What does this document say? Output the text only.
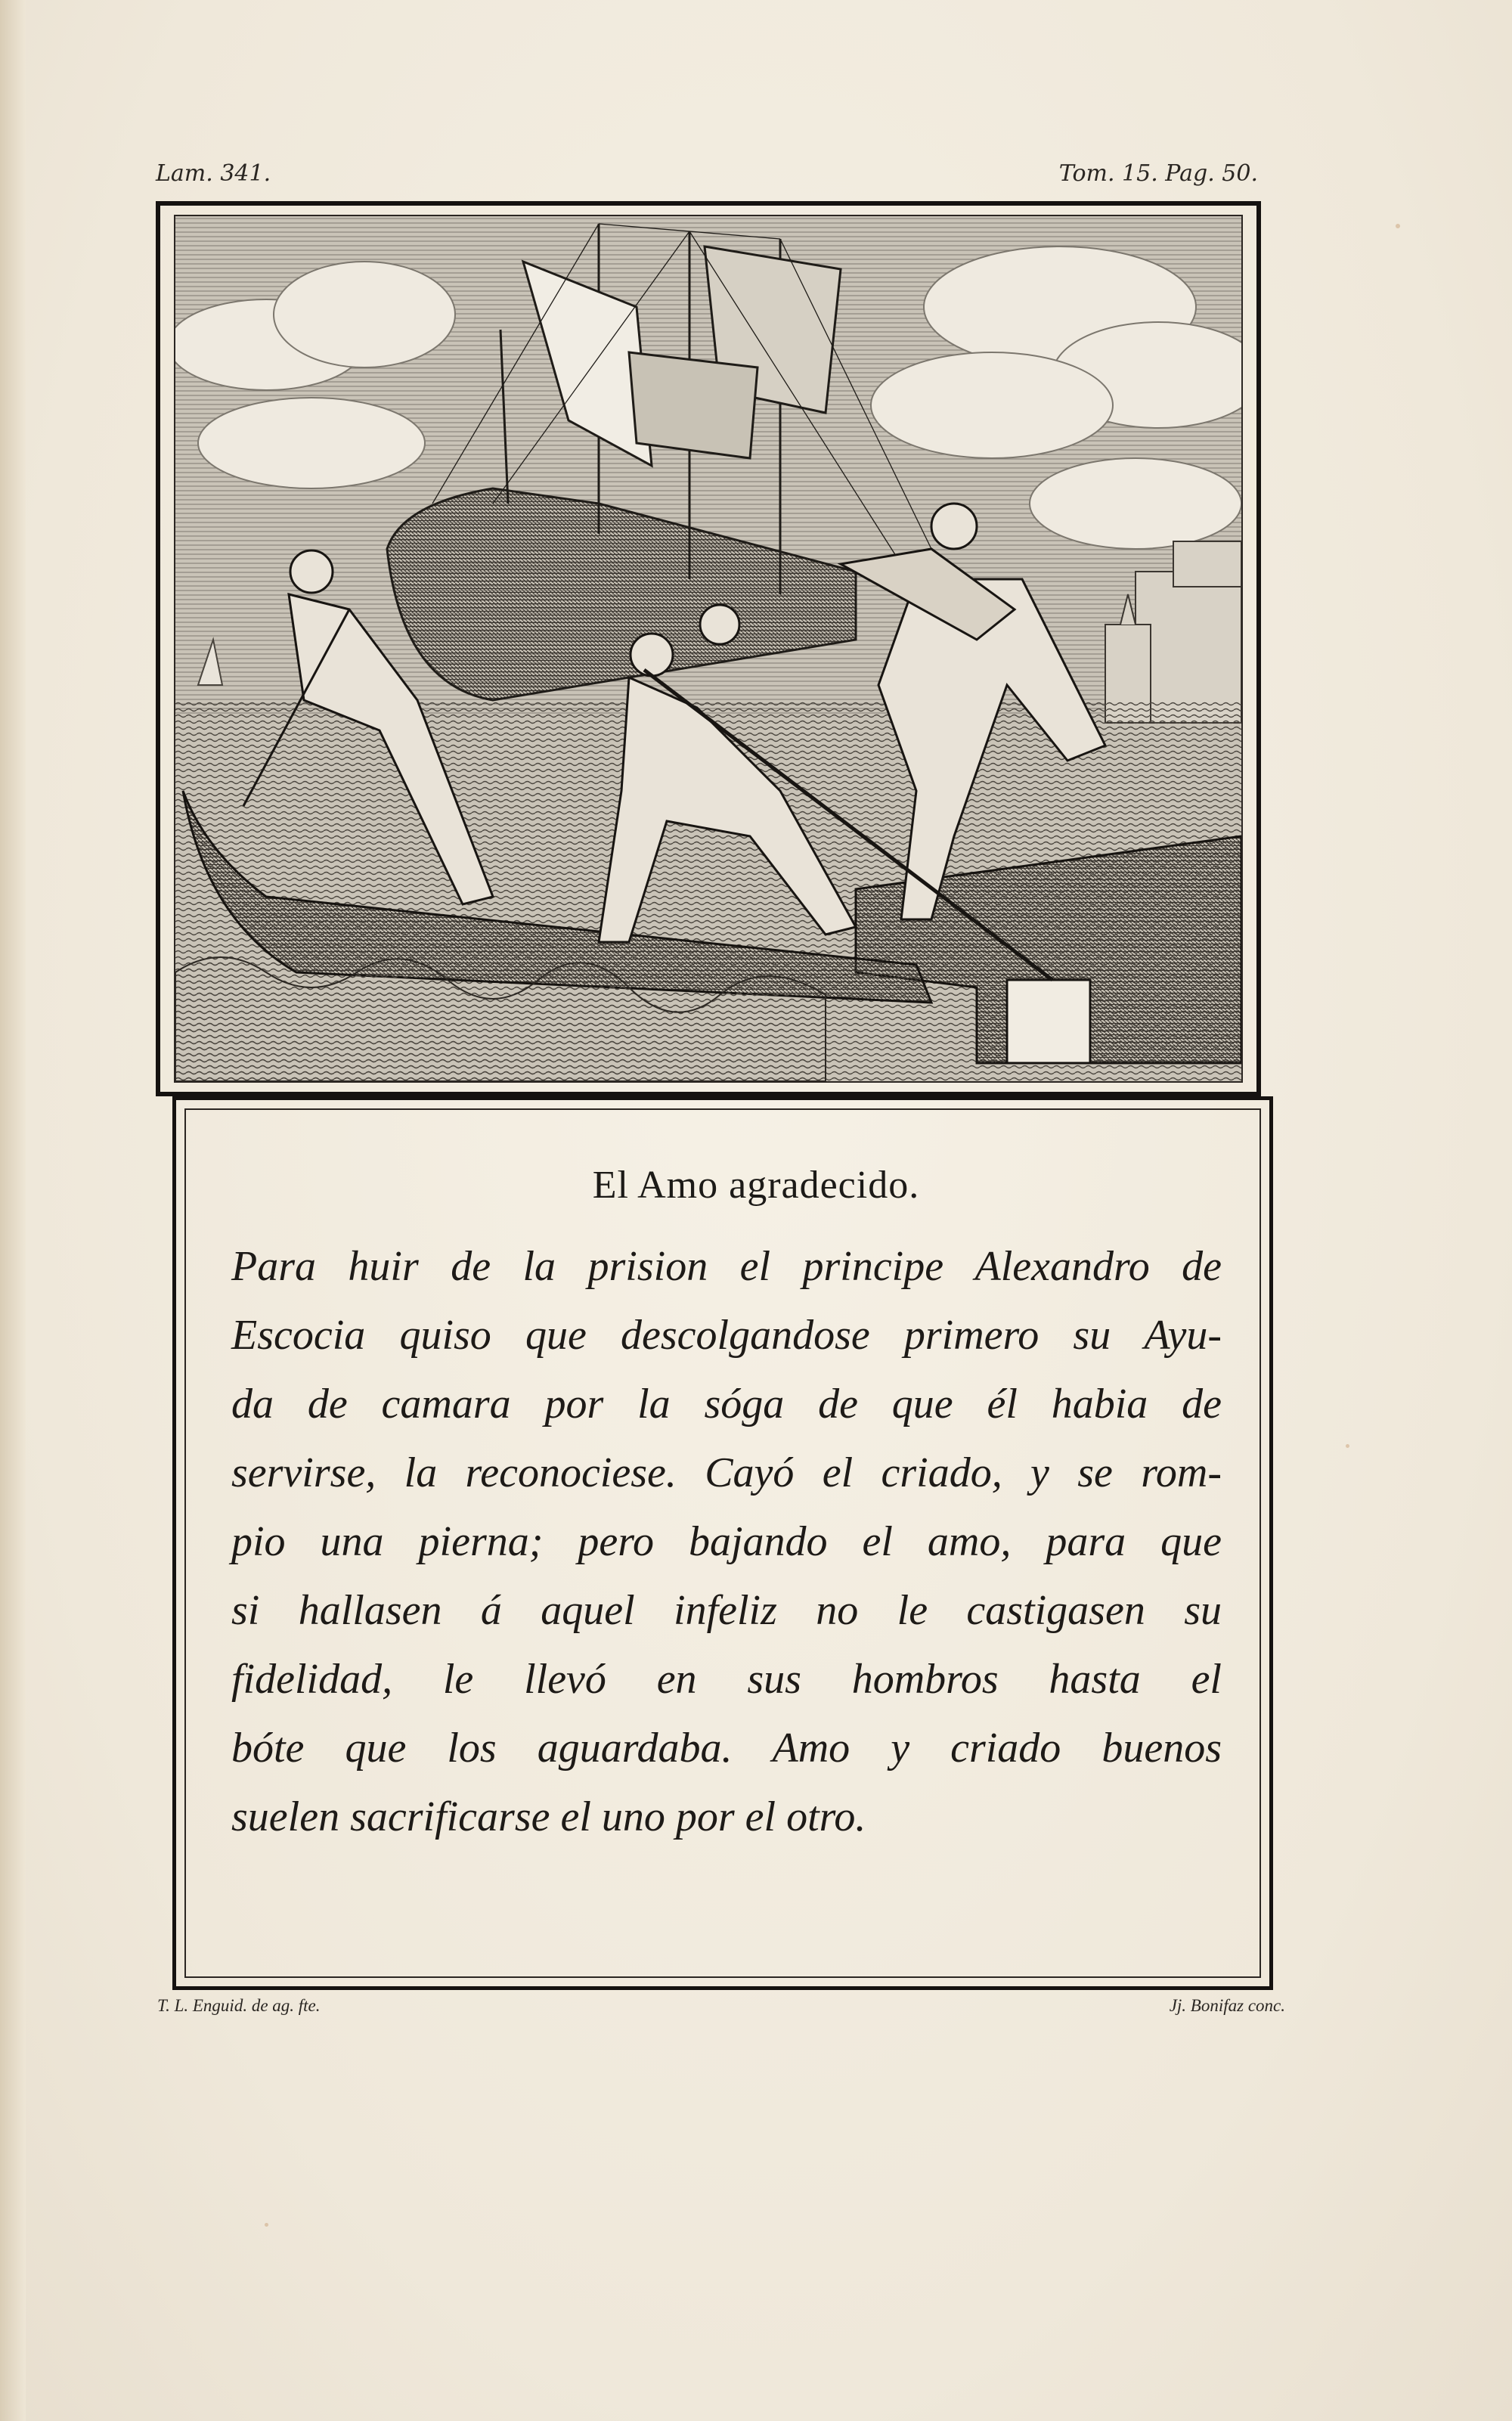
Lam. 341.	Tom. 15. Pag. 50.
El Amo agradecido.
Para huir de la prision el principe Alexandro de
Escocia quiso que descolgandose primero su Ayu-
da de camara por la sóga de que él habia de
servirse, la reconociese. Cayó el criado, y se rom-
pio una pierna; pero bajando el amo, para que
si hallasen á aquel infeliz no le castigasen su
fidelidad, le llevó en sus hombros hasta el
bóte que los aguardaba. Amo y criado buenos
suelen sacrificarse el uno por el otro.
T. L. Enguid. de ag. fte.	Jj. Bonifaz conc.
